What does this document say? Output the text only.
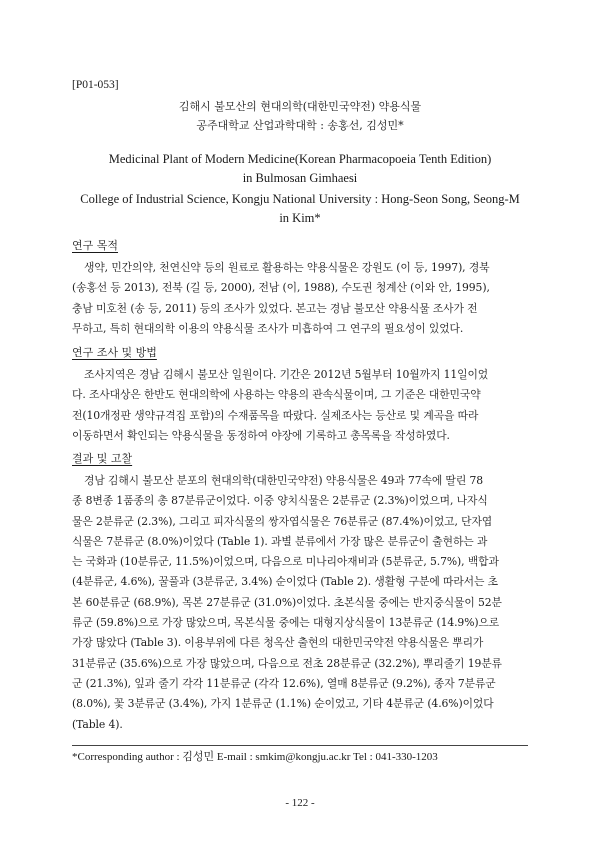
[P01-053]

김해시 불모산의 현대의학(대한민국약전) 약용식물
공주대학교 산업과학대학 : 송홍선, 김성민*
Medicinal Plant of Modern Medicine(Korean Pharmacopoeia Tenth Edition)
in Bulmosan Gimhaesi
College of Industrial Science, Kongju National University : Hong-Seon Song, Seong-M
in Kim*
연구 목적
생약, 민간의약, 천연신약 등의 원료로 활용하는 약용식물은 강원도 (이 등, 1997), 경북
(송홍선 등 2013), 전북 (길 등, 2000), 전남 (이, 1988), 수도권 청계산 (이와 안, 1995),
충남 미호천 (송 등, 2011) 등의 조사가 있었다. 본고는 경남 불모산 약용식물 조사가 전
무하고, 특히 현대의학 이용의 약용식물 조사가 미흡하여 그 연구의 필요성이 있었다.
연구 조사 및 방법
조사지역은 경남 김해시 불모산 일원이다. 기간은 2012년 5월부터 10월까지 11일이었
다. 조사대상은 한반도 현대의학에 사용하는 약용의 관속식물이며, 그 기준은 대한민국약
전(10개정판 생약규격집 포함)의 수재품목을 따랐다. 실제조사는 등산로 및 계곡을 따라
이동하면서 확인되는 약용식물을 동정하여 야장에 기록하고 총목록을 작성하였다.
결과 및 고찰
경남 김해시 불모산 분포의 현대의학(대한민국약전) 약용식물은 49과 77속에 딸린 78
종 8변종 1품종의 총 87분류군이었다. 이중 양치식물은 2분류군 (2.3%)이었으며, 나자식
물은 2분류군 (2.3%), 그리고 피자식물의 쌍자엽식물은 76분류군 (87.4%)이었고, 단자엽
식물은 7분류군 (8.0%)이었다 (Table 1). 과별 분류에서 가장 많은 분류군이 출현하는 과
는 국화과 (10분류군, 11.5%)이었으며, 다음으로 미나리아재비과 (5분류군, 5.7%), 백합과
(4분류군, 4.6%), 꿀풀과 (3분류군, 3.4%) 순이었다 (Table 2). 생활형 구분에 따라서는 초
본 60분류군 (68.9%), 목본 27분류군 (31.0%)이었다. 초본식물 중에는 반지중식물이 52분
류군 (59.8%)으로 가장 많았으며, 목본식물 중에는 대형지상식물이 13분류군 (14.9%)으로
가장 많았다 (Table 3). 이용부위에 다른 청옥산 출현의 대한민국약전 약용식물은 뿌리가
31분류군 (35.6%)으로 가장 많았으며, 다음으로 전초 28분류군 (32.2%), 뿌리줄기 19분류
군 (21.3%), 잎과 줄기 각각 11분류군 (각각 12.6%), 열매 8분류군 (9.2%), 종자 7분류군
(8.0%), 꽃 3분류군 (3.4%), 가지 1분류군 (1.1%) 순이었고, 기타 4분류군 (4.6%)이었다
(Table 4).
*Corresponding author : 김성민 E-mail : smkim@kongju.ac.kr Tel : 041-330-1203
- 122 -
